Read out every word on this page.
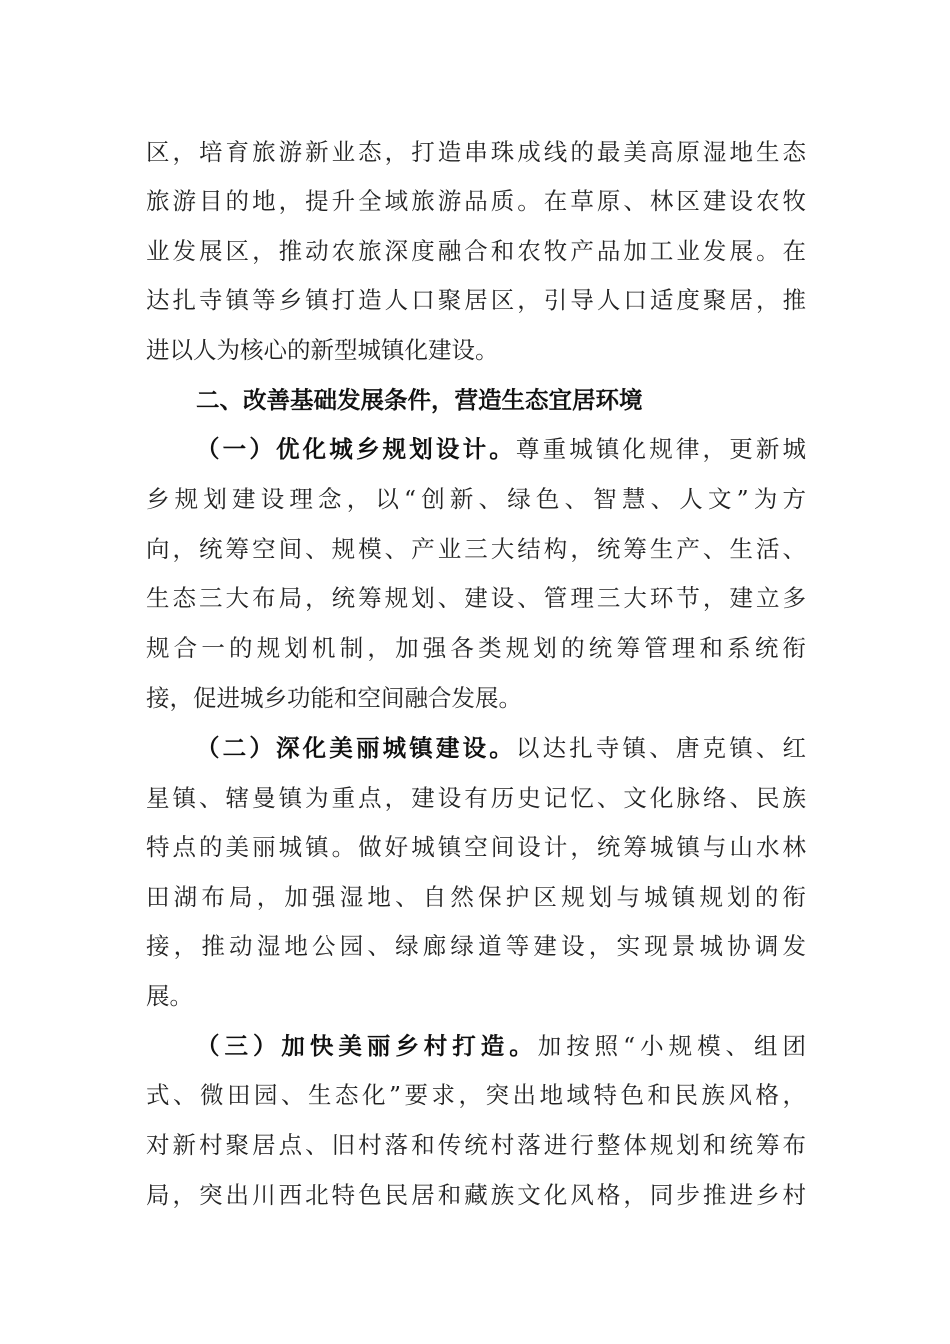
区，培育旅游新业态，打造串珠成线的最美高原湿地生态
旅游目的地，提升全域旅游品质。在草原、林区建设农牧
业发展区，推动农旅深度融合和农牧产品加工业发展。在
达扎寺镇等乡镇打造人口聚居区，引导人口适度聚居，推
进以人为核心的新型城镇化建设。
二、改善基础发展条件，营造生态宜居环境
（一）优化城乡规划设计。尊重城镇化规律，更新城
乡规划建设理念，以“创新、绿色、智慧、人文”为方
向，统筹空间、规模、产业三大结构，统筹生产、生活、
生态三大布局，统筹规划、建设、管理三大环节，建立多
规合一的规划机制，加强各类规划的统筹管理和系统衔
接，促进城乡功能和空间融合发展。
（二）深化美丽城镇建设。以达扎寺镇、唐克镇、红
星镇、辖曼镇为重点，建设有历史记忆、文化脉络、民族
特点的美丽城镇。做好城镇空间设计，统筹城镇与山水林
田湖布局，加强湿地、自然保护区规划与城镇规划的衔
接，推动湿地公园、绿廊绿道等建设，实现景城协调发
展。
（三）加快美丽乡村打造。加按照“小规模、组团
式、微田园、生态化”要求，突出地域特色和民族风格，
对新村聚居点、旧村落和传统村落进行整体规划和统筹布
局，突出川西北特色民居和藏族文化风格，同步推进乡村
